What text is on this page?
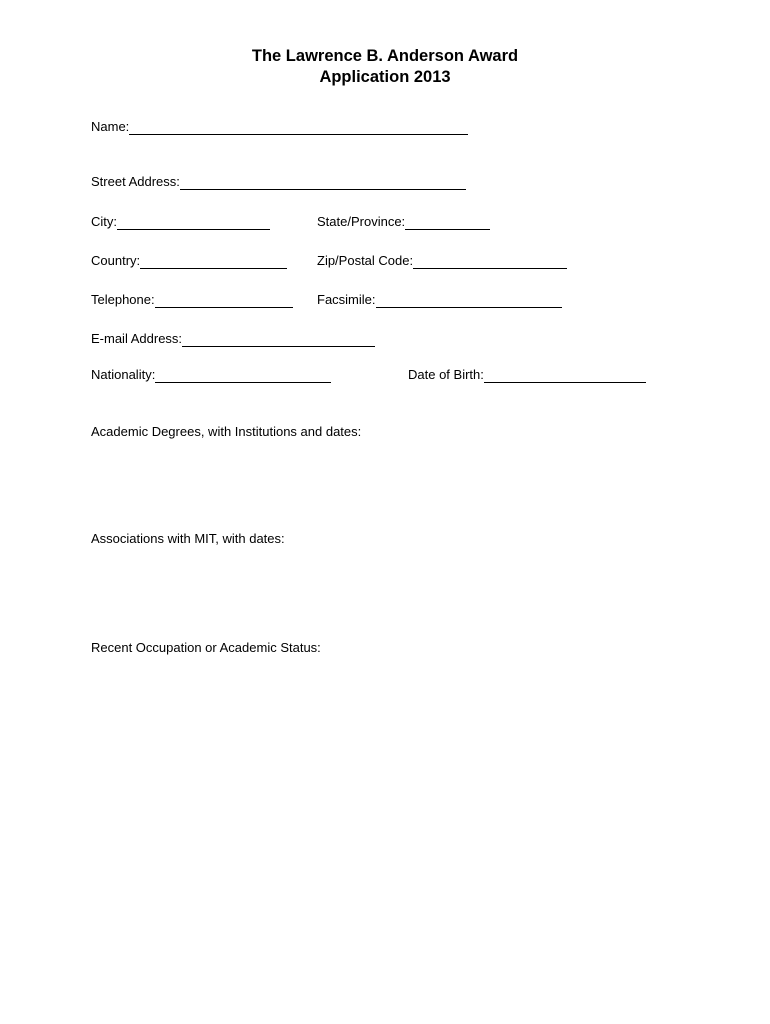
The Lawrence B. Anderson Award
Application 2013
Name:
Street Address:
City:	State/Province:
Country:	Zip/Postal Code:
Telephone:	Facsimile:
E-mail Address:
Nationality:	Date of Birth:
Academic Degrees, with Institutions and dates:
Associations with MIT, with dates:
Recent Occupation or Academic Status:
